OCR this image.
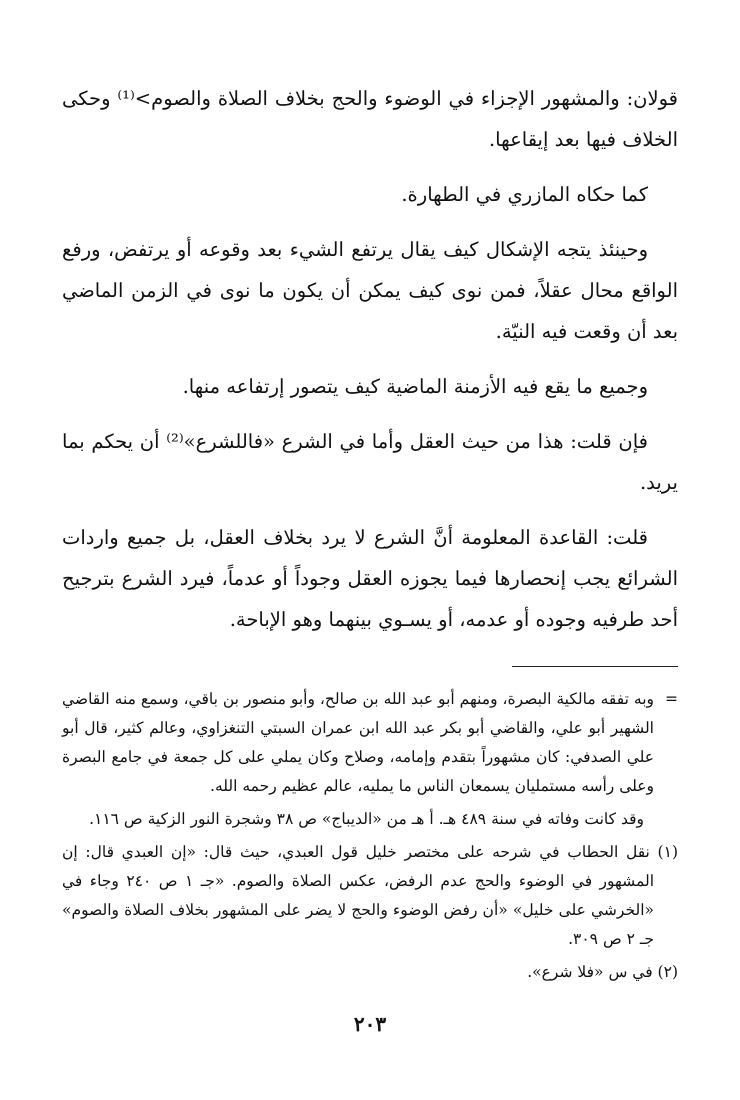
قولان: والمشهور الإجزاء في الوضوء والحج بخلاف الصلاة والصوم>⁽¹⁾ وحكى الخلاف فيها بعد إيقاعها.

كما حكاه المازري في الطهارة.

وحينئذ يتجه الإشكال كيف يقال يرتفع الشيء بعد وقوعه أو يرتفض، ورفع الواقع محال عقلاً، فمن نوى كيف يمكن أن يكون ما نوى في الزمن الماضي بعد أن وقعت فيه النيّة.

وجميع ما يقع فيه الأزمنة الماضية كيف يتصور إرتفاعه منها.

فإن قلت: هذا من حيث العقل وأما في الشرع «فاللشرع»⁽²⁾ أن يحكم بما يريد.

قلت: القاعدة المعلومة أنَّ الشرع لا يرد بخلاف العقل، بل جميع واردات الشرائع يجب إنحصارها فيما يجوزه العقل وجوداً أو عدماً، فيرد الشرع بترجيح أحد طرفيه وجوده أو عدمه، أو يسـوي بينهما وهو الإباحة.

=
وبه تفقه مالكية البصرة، ومنهم أبو عبد الله بن صالح، وأبو منصور بن باقي، وسمع منه القاضي الشهير أبو علي، والقاضي أبو بكر عبد الله ابن عمران السبتي التنغزاوي، وعالم كثير، قال أبو علي الصدفي: كان مشهوراً بتقدم وإمامه، وصلاح وكان يملي على كل جمعة في جامع البصرة وعلى رأسه مستمليان يسمعان الناس ما يمليه، عالم عظيم رحمه الله.

وقد كانت وفاته في سنة ٤٨٩ هـ. أ هـ من «الديباج» ص ٣٨ وشجرة النور الزكية ص ١١٦.

(١) نقل الحطاب في شرحه على مختصر خليل قول العبدي، حيث قال: «إن العبدي قال: إن المشهور في الوضوء والحج عدم الرفض، عكس الصلاة والصوم. «جـ ١ ص ٢٤٠ وجاء في «الخرشي على خليل» «أن رفض الوضوء والحج لا يضر على المشهور بخلاف الصلاة والصوم» جـ ٢ ص ٣٠٩.

(٢) في س «فلا شرع».

٢٠٣
